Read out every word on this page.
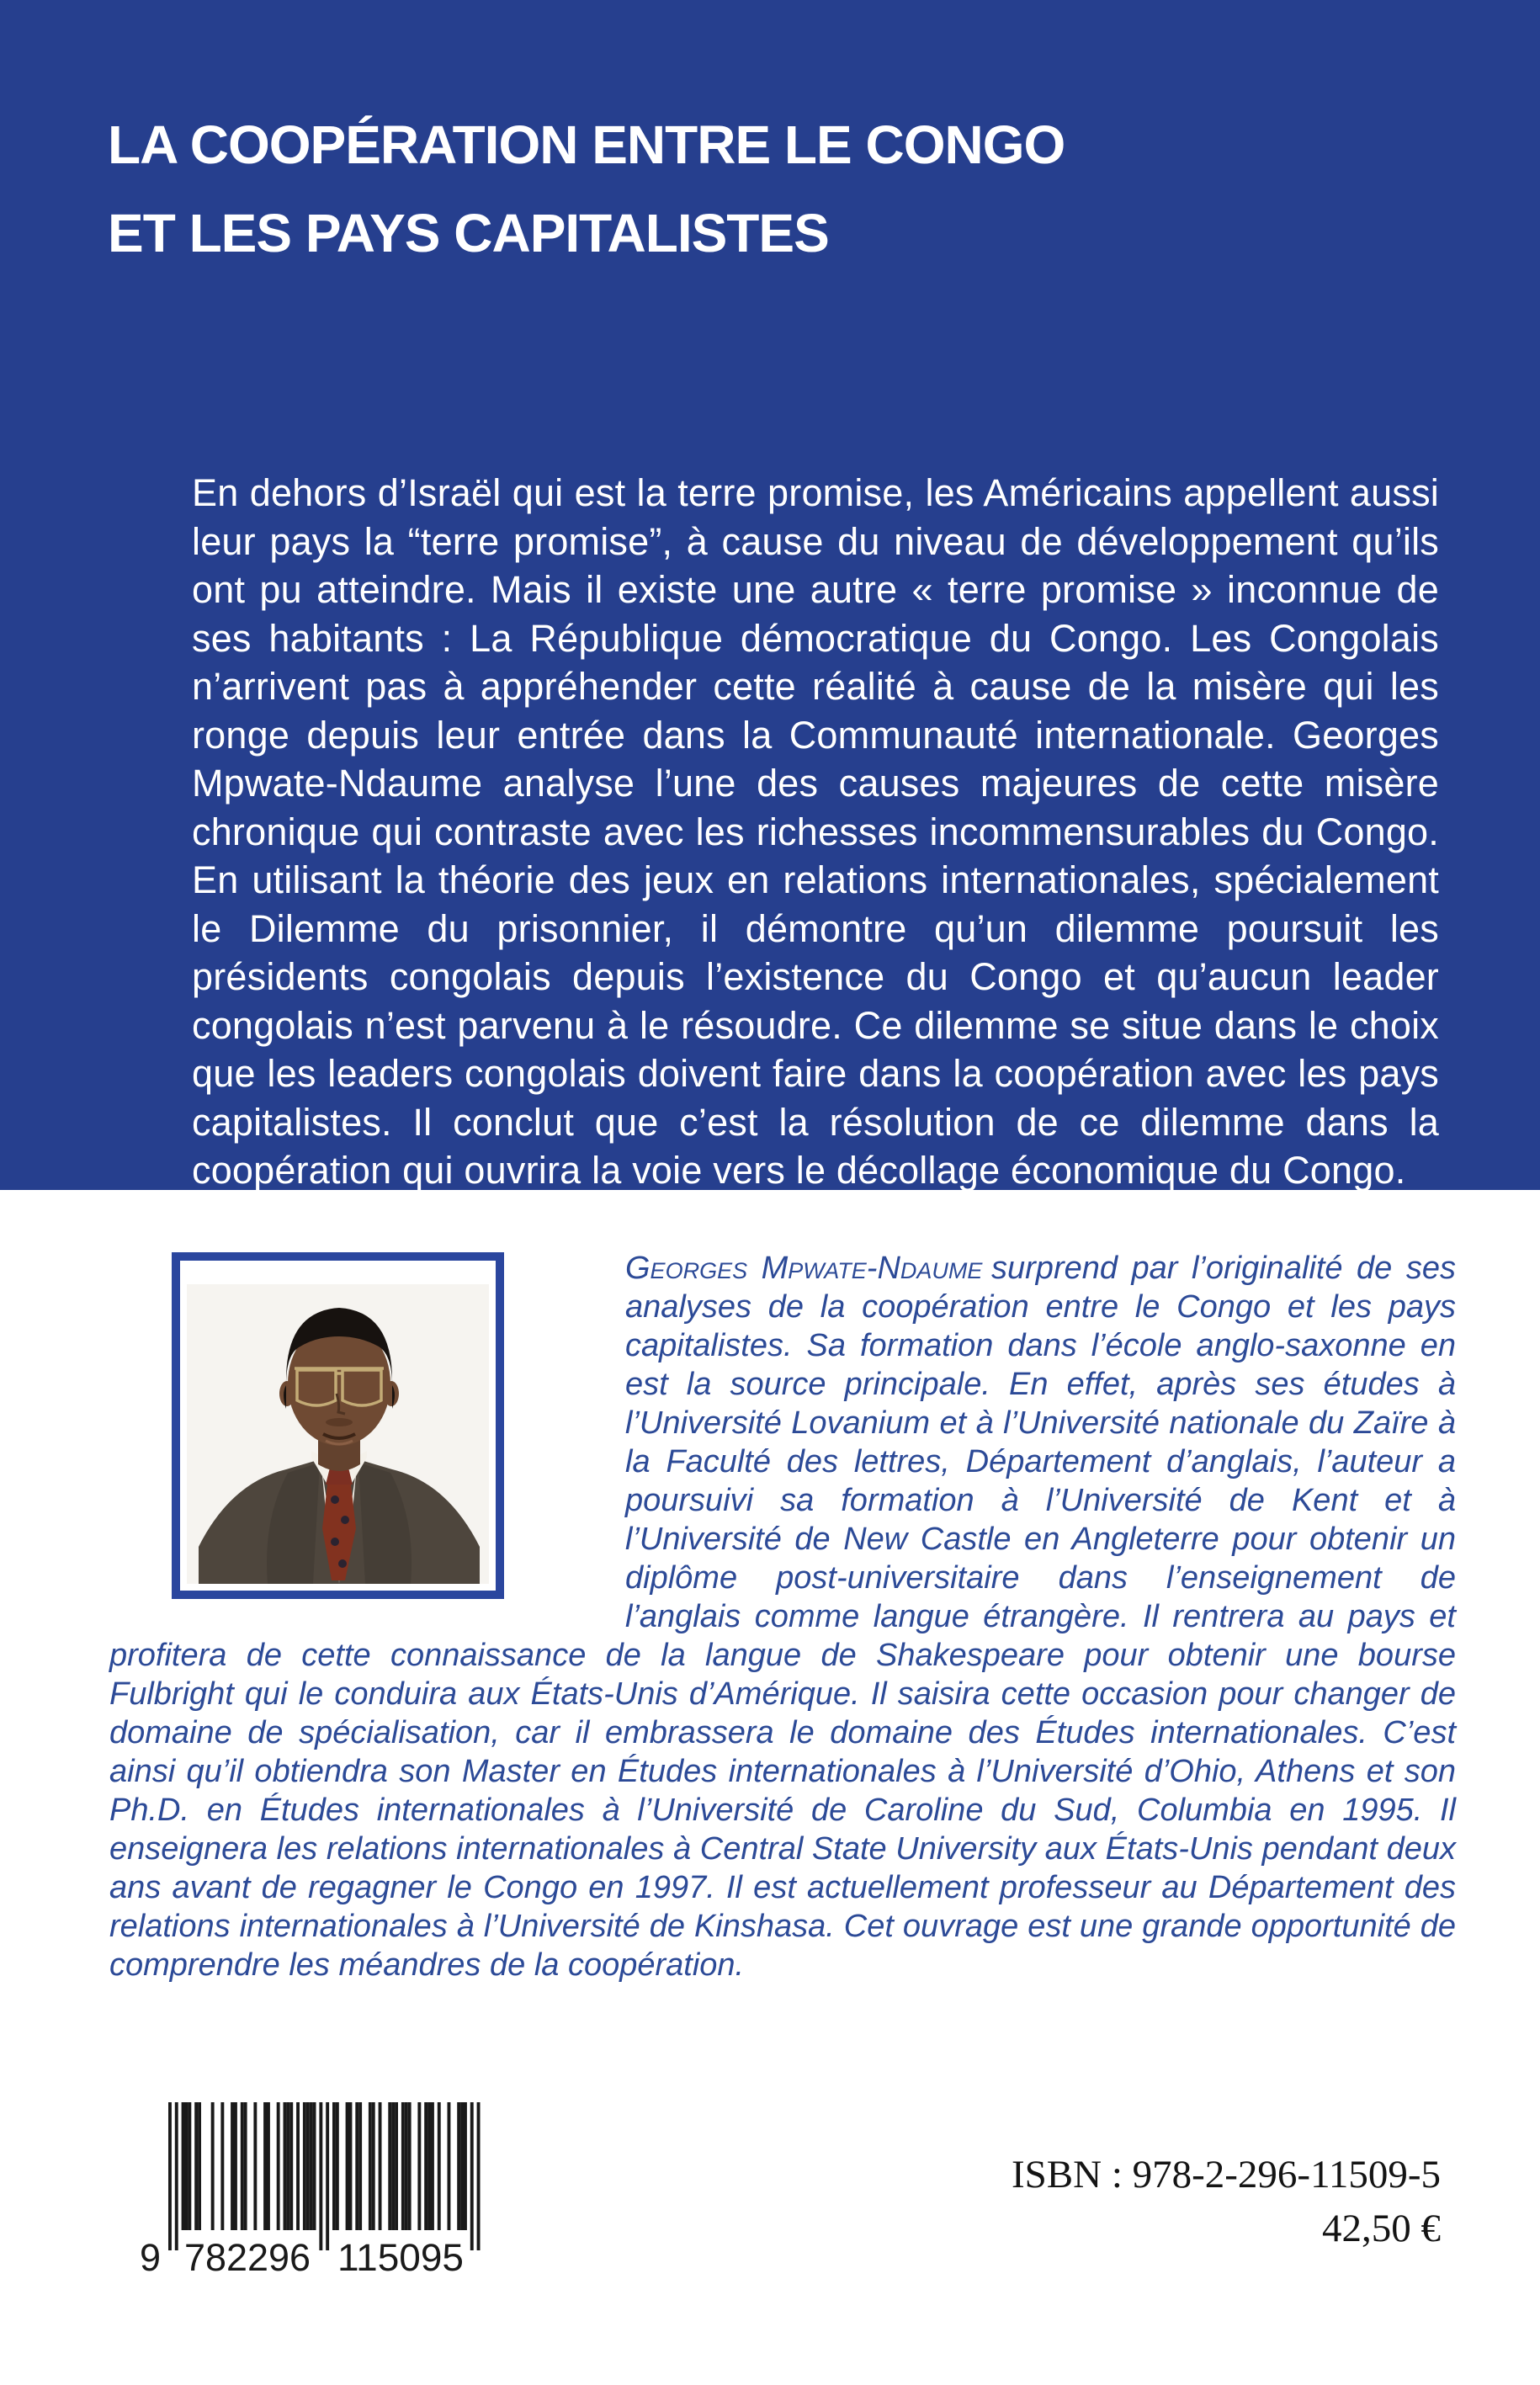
LA COOPÉRATION ENTRE LE CONGO
ET LES PAYS CAPITALISTES

En dehors d’Israël qui est la terre promise, les Américains appellent aussi leur pays la “terre promise”, à cause du niveau de développement qu’ils ont pu atteindre. Mais il existe une autre « terre promise » inconnue de ses habitants : La République démocratique du Congo. Les Congolais n’arrivent pas à appréhender cette réalité à cause de la misère qui les ronge depuis leur entrée dans la Communauté internationale. Georges Mpwate-Ndaume analyse l’une des causes majeures de cette misère chronique qui contraste avec les richesses incommensurables du Congo. En utilisant la théorie des jeux en relations internationales, spécialement le Dilemme du prisonnier, il démontre qu’un dilemme poursuit les présidents congolais depuis l’existence du Congo et qu’aucun leader congolais n’est parvenu à le résoudre. Ce dilemme se situe dans le choix que les leaders congolais doivent faire dans la coopération avec les pays capitalistes. Il conclut que c’est la résolution de ce dilemme dans la coopération qui ouvrira la voie vers le décollage économique du Congo.

Georges Mpwate-Ndaume surprend par l’originalité de ses analyses de la coopération entre le Congo et les pays capitalistes. Sa formation dans l’école anglo-saxonne en est la source principale. En effet, après ses études à l’Université Lovanium et à l’Université nationale du Zaïre à la Faculté des lettres, Département d’anglais, l’auteur a poursuivi sa formation à l’Université de Kent et à l’Université de New Castle en Angleterre pour obtenir un diplôme post-universitaire dans l’enseignement de l’anglais comme langue étrangère. Il rentrera au pays et profitera de cette connaissance de la langue de Shakespeare pour obtenir une bourse Fulbright qui le conduira aux États-Unis d’Amérique. Il saisira cette occasion pour changer de domaine de spécialisation, car il embrassera le domaine des Études internationales. C’est ainsi qu’il obtiendra son Master en Études internationales à l’Université d’Ohio, Athens et son Ph.D. en Études internationales à l’Université de Caroline du Sud, Columbia en 1995. Il enseignera les relations internationales à Central State University aux États-Unis pendant deux ans avant de regagner le Congo en 1997. Il est actuellement professeur au Département des relations internationales à l’Université de Kinshasa. Cet ouvrage est une grande opportunité de comprendre les méandres de la coopération.

9 782296 115095
ISBN : 978-2-296-11509-5
42,50 €
